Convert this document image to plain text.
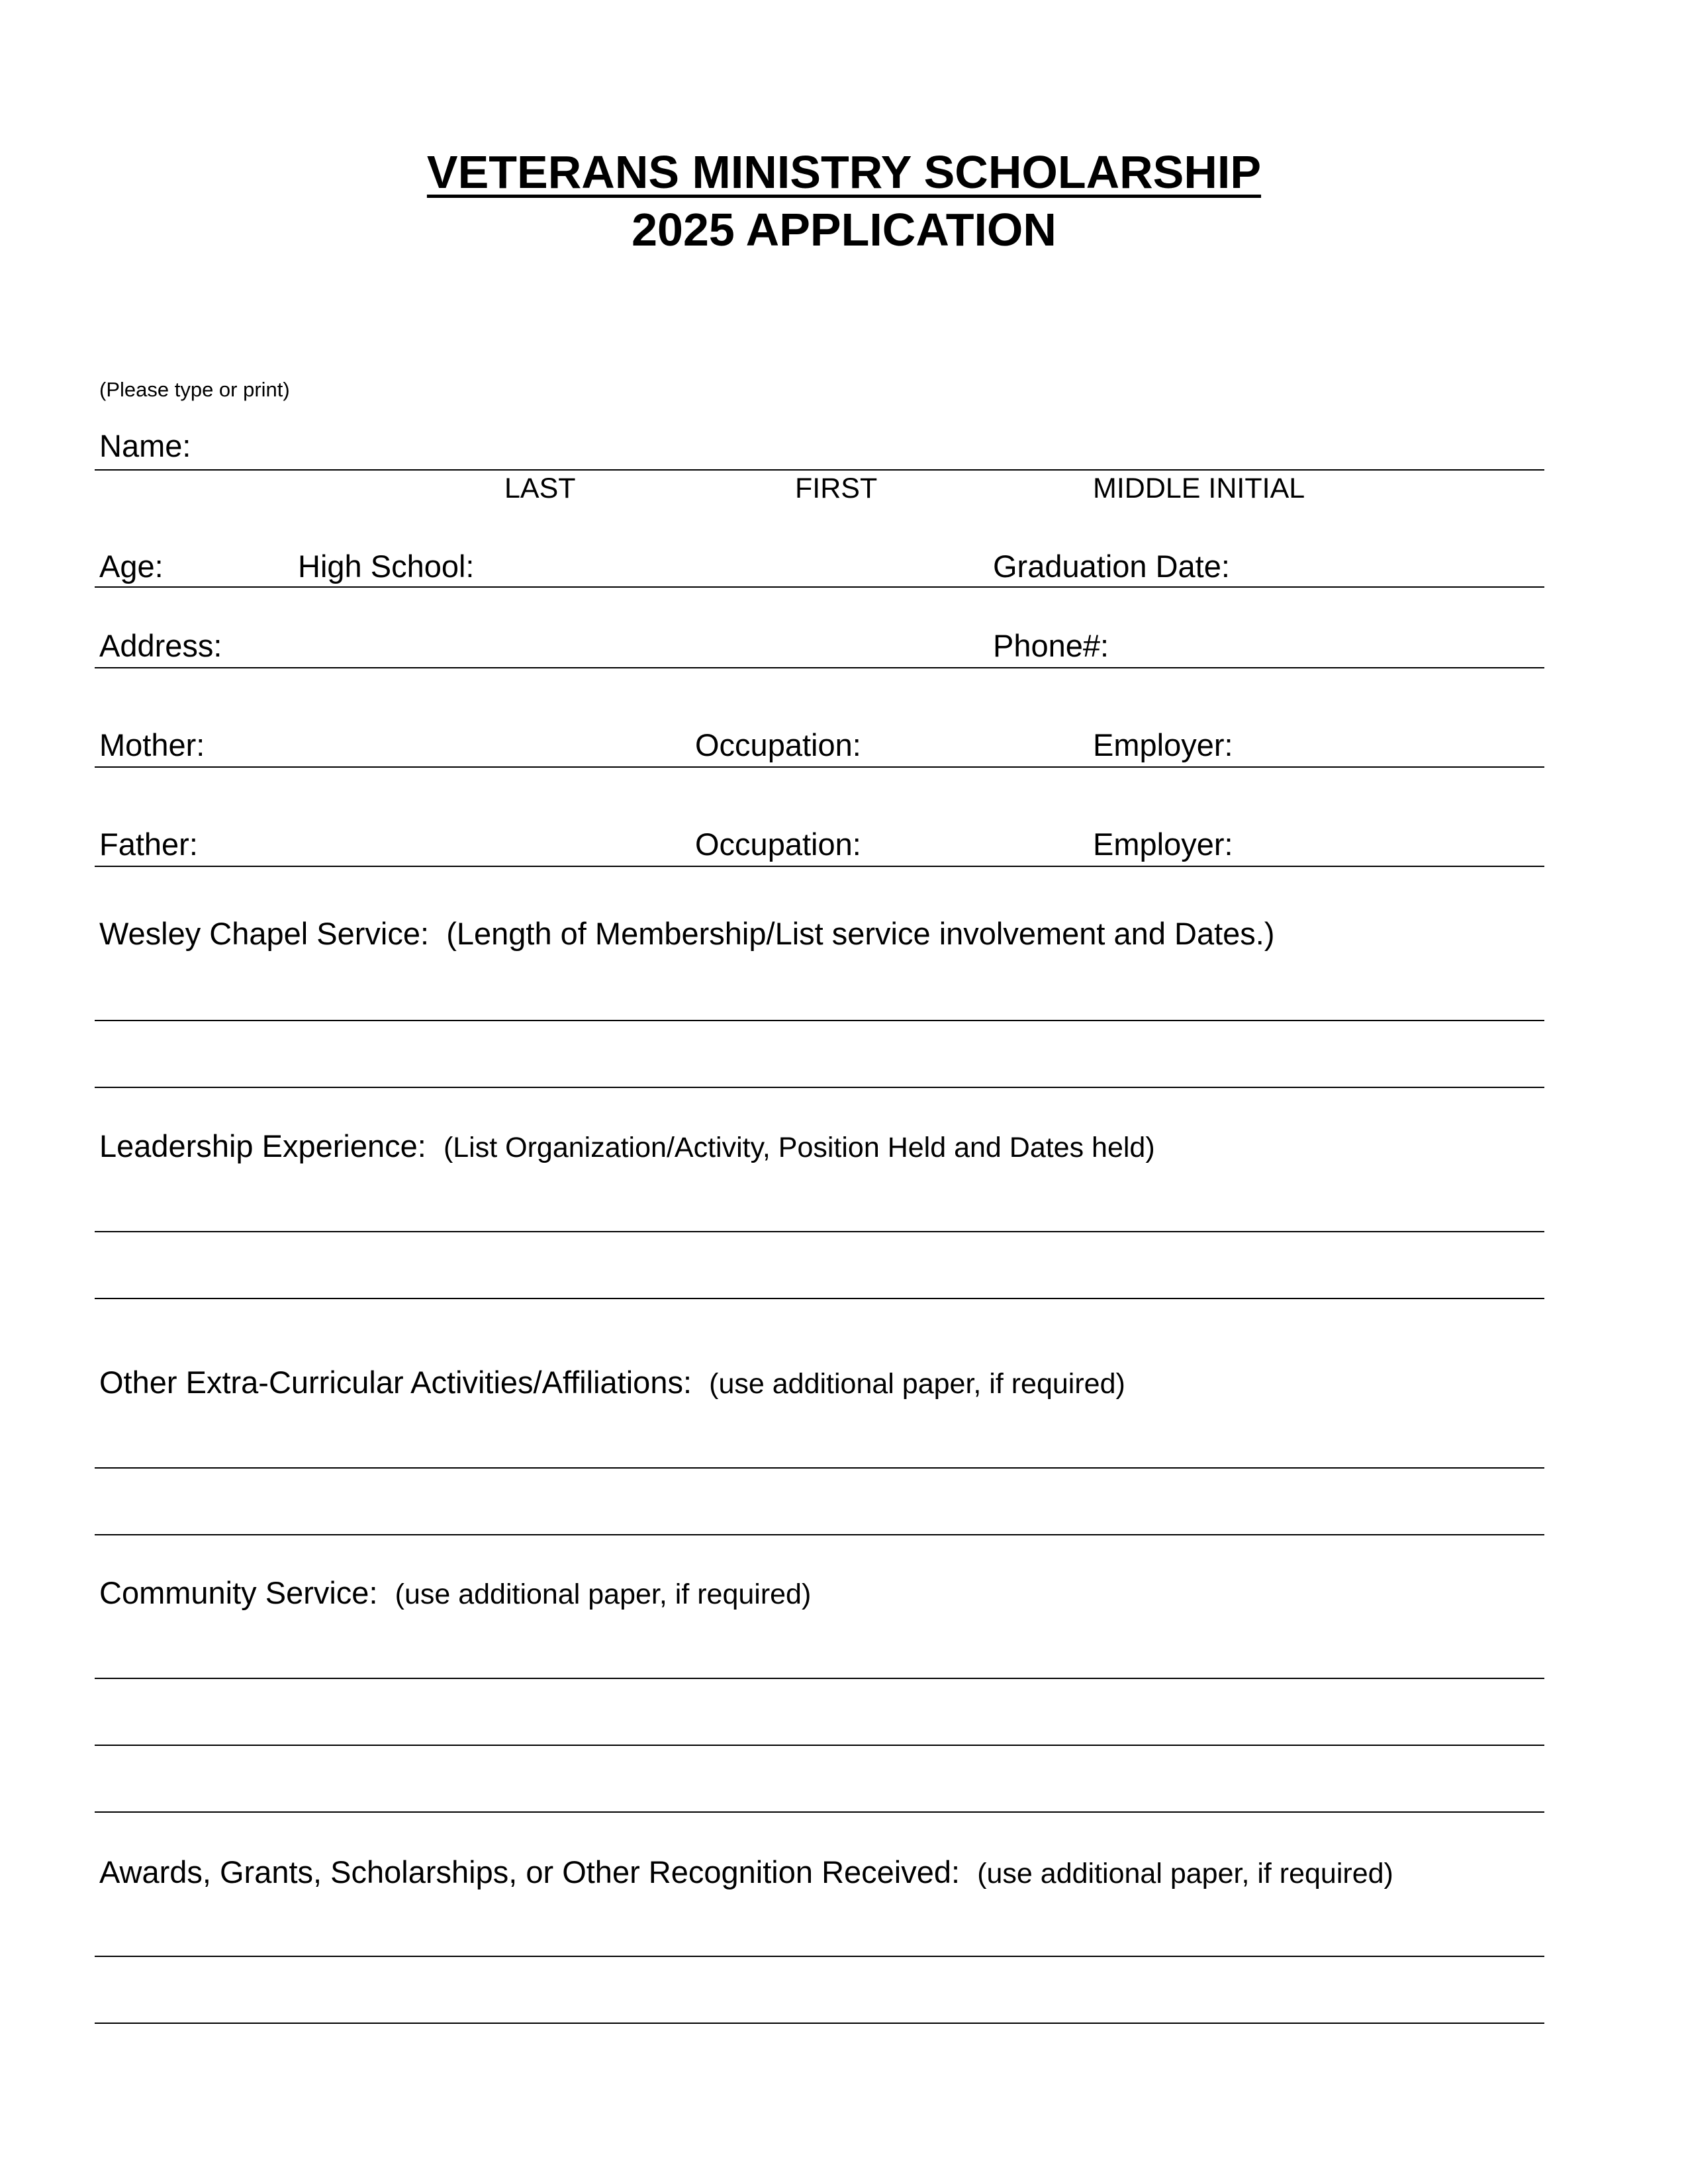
VETERANS MINISTRY SCHOLARSHIP
2025 APPLICATION
(Please type or print)
Name:
LAST	FIRST	MIDDLE INITIAL
Age:	High School:	Graduation Date:
Address:	Phone#:
Mother:	Occupation:	Employer:
Father:	Occupation:	Employer:
Wesley Chapel Service: (Length of Membership/List service involvement and Dates.)
Leadership Experience: (List Organization/Activity, Position Held and Dates held)
Other Extra-Curricular Activities/Affiliations: (use additional paper, if required)
Community Service: (use additional paper, if required)
Awards, Grants, Scholarships, or Other Recognition Received: (use additional paper, if required)
